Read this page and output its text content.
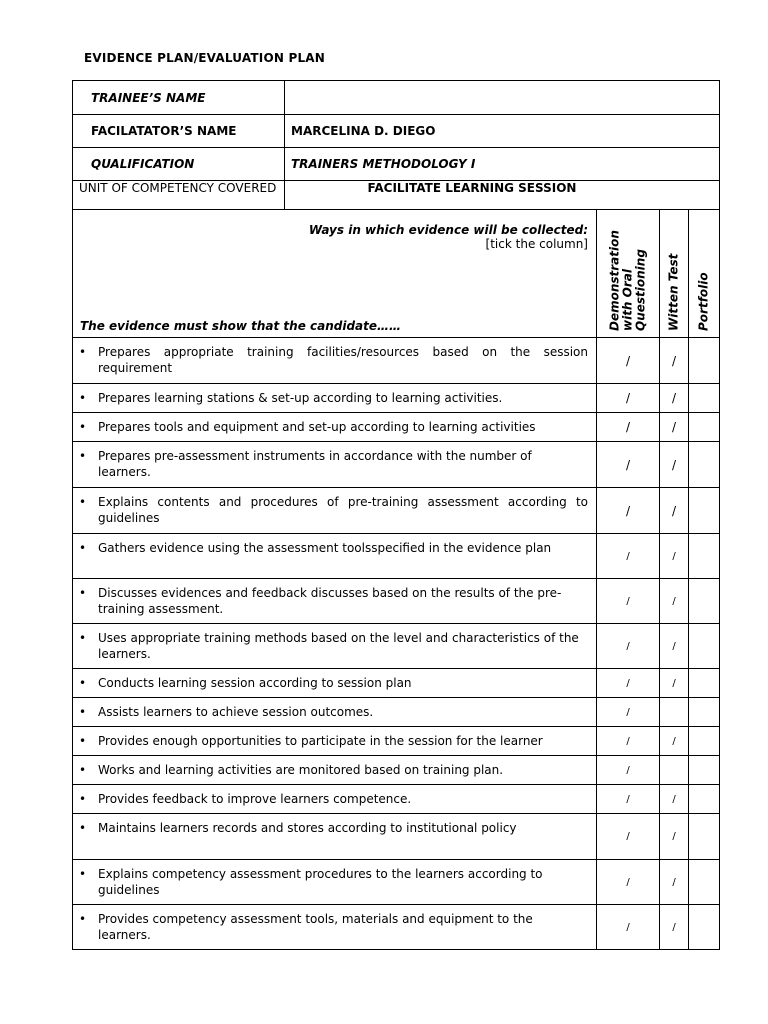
EVIDENCE PLAN/EVALUATION PLAN
TRAINEE’S NAME				
FACILATATOR’S NAME	MARCELINA D. DIEGO			
QUALIFICATION	TRAINERS METHODOLOGY I			
UNIT OF COMPETENCY COVERED	FACILITATE LEARNING SESSION			

Ways in which evidence will be collected:
[tick the column]
The evidence must show that the candidate……		Demonstration with Oral Questioning	Witten Test	Portfolio

• Prepares appropriate training facilities/resources based on the session requirement		/	/	

• Prepares learning stations & set-up according to learning activities.		/	/	

• Prepares tools and equipment and set-up according to learning activities		/	/	

• Prepares pre-assessment instruments in accordance with the number of learners.		/	/	

• Explains contents and procedures of pre-training assessment according to guidelines		/	/	

• Gathers evidence using the assessment toolsspecified in the evidence plan		/	/	

• Discusses evidences and feedback discusses based on the results of the pre-training assessment.		/	/	

• Uses appropriate training methods based on the level and characteristics of the learners.		/	/	

• Conducts learning session according to session plan		/	/	

• Assists learners to achieve session outcomes.		/		

• Provides enough opportunities to participate in the session for the learner		/	/	

• Works and learning activities are monitored based on training plan.		/		

• Provides feedback to improve learners competence.		/	/	

• Maintains learners records and stores according to institutional policy		/	/	

• Explains competency assessment procedures to the learners according to guidelines		/	/	

• Provides competency assessment tools, materials and equipment to the learners.		/	/	
